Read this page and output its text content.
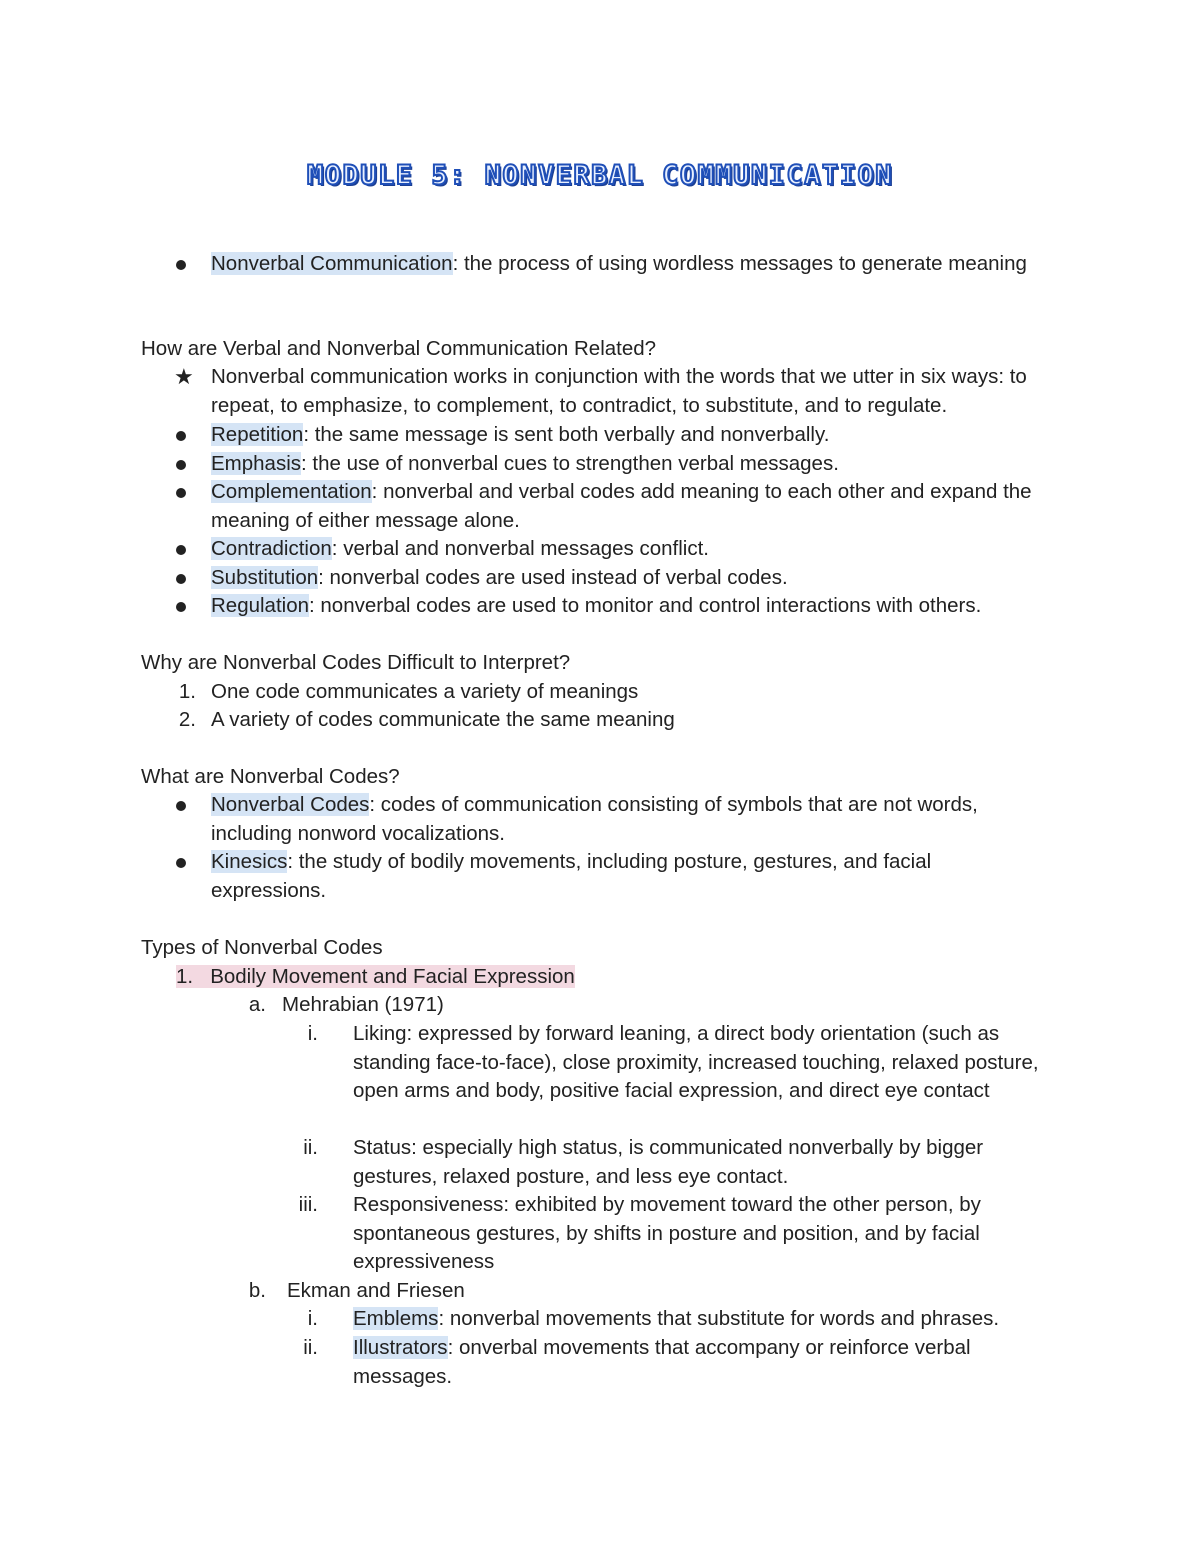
MODULE 5: NONVERBAL COMMUNICATION
Nonverbal Communication: the process of using wordless messages to generate meaning
How are Verbal and Nonverbal Communication Related?
★ Nonverbal communication works in conjunction with the words that we utter in six ways: to repeat, to emphasize, to complement, to contradict, to substitute, and to regulate.
Repetition: the same message is sent both verbally and nonverbally.
Emphasis: the use of nonverbal cues to strengthen verbal messages.
Complementation: nonverbal and verbal codes add meaning to each other and expand the meaning of either message alone.
Contradiction: verbal and nonverbal messages conflict.
Substitution: nonverbal codes are used instead of verbal codes.
Regulation: nonverbal codes are used to monitor and control interactions with others.
Why are Nonverbal Codes Difficult to Interpret?
1. One code communicates a variety of meanings
2. A variety of codes communicate the same meaning
What are Nonverbal Codes?
Nonverbal Codes: codes of communication consisting of symbols that are not words, including nonword vocalizations.
Kinesics: the study of bodily movements, including posture, gestures, and facial expressions.
Types of Nonverbal Codes
1. Bodily Movement and Facial Expression
a. Mehrabian (1971)
i. Liking: expressed by forward leaning, a direct body orientation (such as standing face-to-face), close proximity, increased touching, relaxed posture, open arms and body, positive facial expression, and direct eye contact
ii. Status: especially high status, is communicated nonverbally by bigger gestures, relaxed posture, and less eye contact.
iii. Responsiveness: exhibited by movement toward the other person, by spontaneous gestures, by shifts in posture and position, and by facial expressiveness
b. Ekman and Friesen
i. Emblems: nonverbal movements that substitute for words and phrases.
ii. Illustrators: onverbal movements that accompany or reinforce verbal messages.
